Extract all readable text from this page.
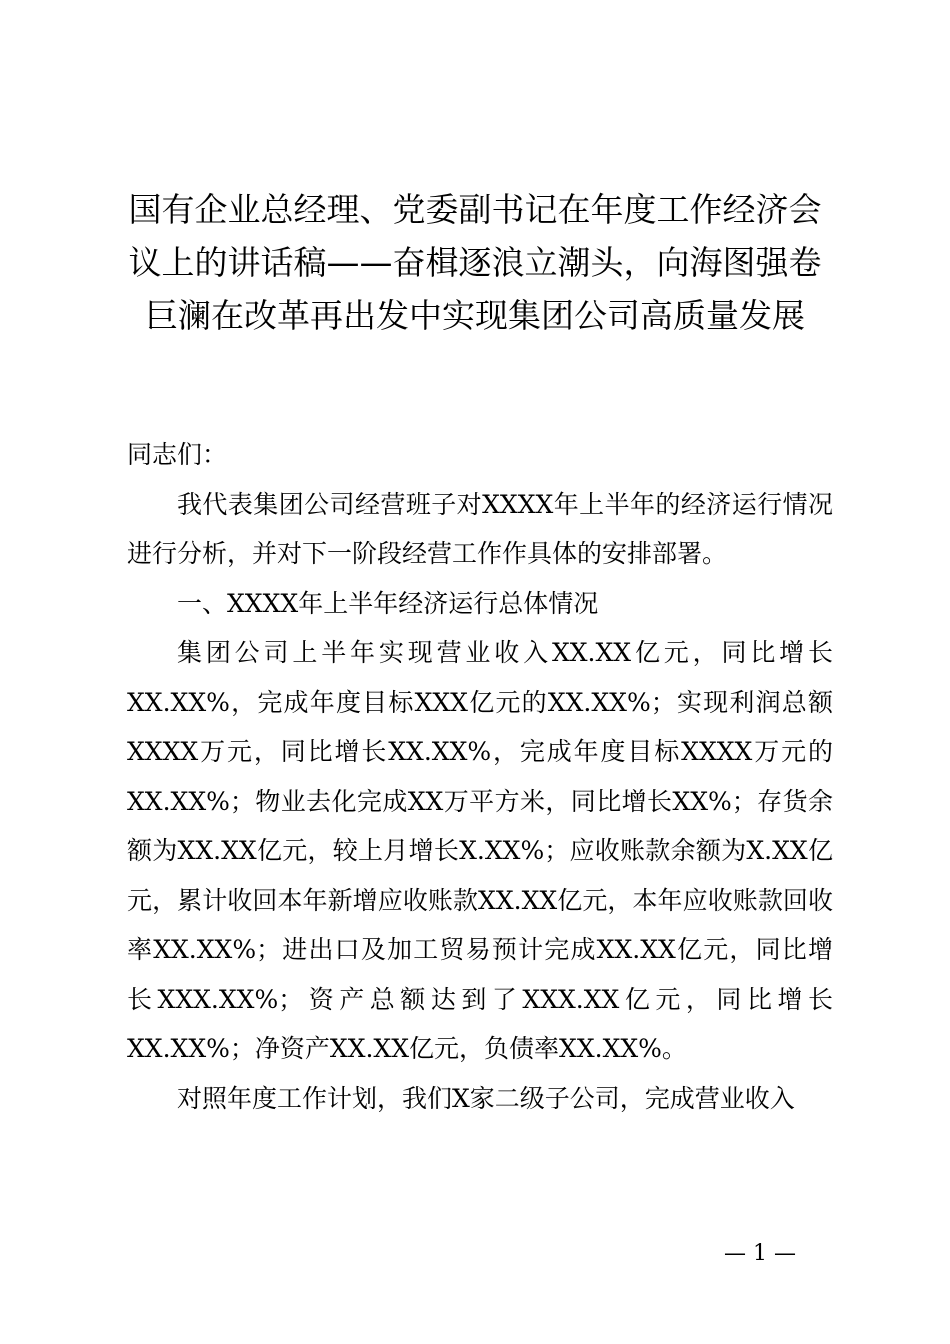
国有企业总经理、党委副书记在年度工作经济会议上的讲话稿——奋楫逐浪立潮头，向海图强卷巨澜在改革再出发中实现集团公司高质量发展

同志们：

我代表集团公司经营班子对XXXX年上半年的经济运行情况进行分析，并对下一阶段经营工作作具体的安排部署。

一、XXXX年上半年经济运行总体情况

集团公司上半年实现营业收入XX.XX亿元，同比增长XX.XX%，完成年度目标XXX亿元的XX.XX%；实现利润总额XXXX万元，同比增长XX.XX%，完成年度目标XXXX万元的XX.XX%；物业去化完成XX万平方米，同比增长XX%；存货余额为XX.XX亿元，较上月增长X.XX%；应收账款余额为X.XX亿元，累计收回本年新增应收账款XX.XX亿元，本年应收账款回收率XX.XX%；进出口及加工贸易预计完成XX.XX亿元，同比增长XXX.XX%；资产总额达到了XXX.XX亿元，同比增长XX.XX%；净资产XX.XX亿元，负债率XX.XX%。

对照年度工作计划，我们X家二级子公司，完成营业收入

— 1 —
